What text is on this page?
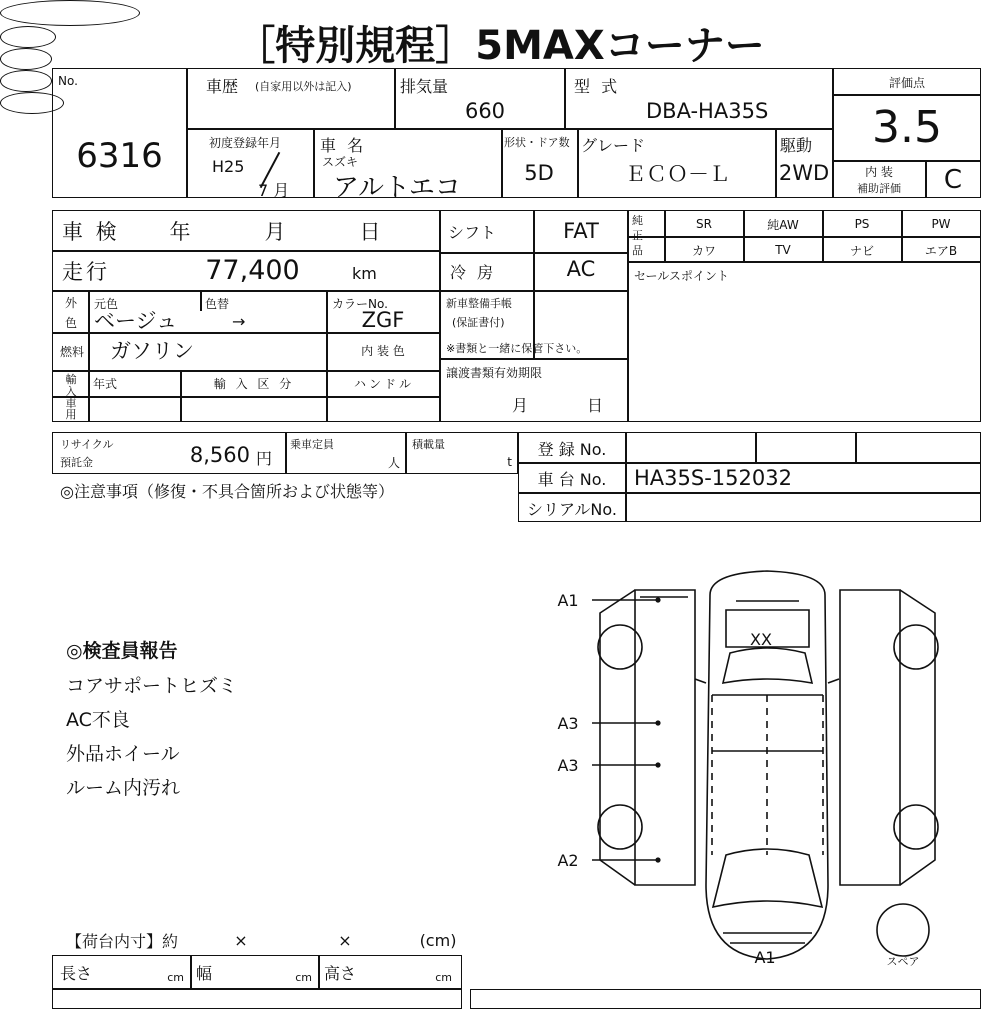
［特別規程］5MAXコーナー
No.
6316
車歴	(自家用以外は記入)	排気量
660
型 式
DBA-HA35S
初度登録年月
H25
7 月
車 名
スズキ
アルトエコ
形状・ドア数
5D
グレード
ＥＣＯ－Ｌ
駆動
2WD
評価点
3.5
内 装
補助評価	C
車 検	年	月	日
走行	77,400	km
外
色
元色	色替
ベージュ	→
カラーNo.
ZGF
燃料 ガソリン	内 装 色
輸
入
車
用
年式	輸 入 区 分	ハンドル
リサイクル
預託金	8,560 円
乗車定員
人
積載量
t
◎注意事項（修復・不具合箇所および状態等）
シフト	FAT
冷 房	AC
新車整備手帳
(保証書付)
※書類と一緒に保管下さい。
譲渡書類有効期限
月	日
純
正
品
SR	純AW	PS	PW
カワ	TV	ナビ	エアB
セールスポイント
登 録 No.
車 台 No.	HA35S-152032
シリアルNo.
◎検査員報告
コアサポートヒズミ
AC不良
外品ホイール
ルーム内汚れ
A1
A3
A3
A2
XX
A1	スペア
【荷台内寸】約	×	×	(cm)
長さ	cm 幅	cm 高さ	cm
